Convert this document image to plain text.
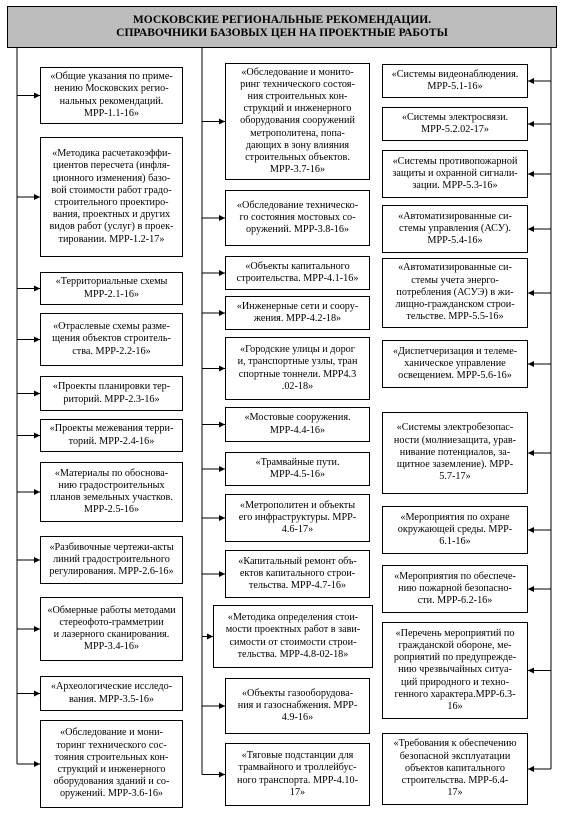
МОСКОВСКИЕ РЕГИОНАЛЬНЫЕ РЕКОМЕНДАЦИИ.
СПРАВОЧНИКИ БАЗОВЫХ ЦЕН НА ПРОЕКТНЫЕ РАБОТЫ
«Общие указания по приме-
нению Московских регио-
нальных рекомендаций.
МРР-1.1-16»
«Методика расчетакоэффи-
циентов пересчета (инфля-
ционного изменения) базо-
вой стоимости работ градо-
строительного проектиро-
вания, проектных и других
видов работ (услуг) в проек-
тировании. МРР-1.2-17»
«Территориальные схемы
МРР-2.1-16»
«Отраслевые схемы разме-
щения объектов строитель-
ства. МРР-2.2-16»
«Проекты планировки тер-
риторий. МРР-2.3-16»
«Проекты межевания терри-
торий. МРР-2.4-16»
«Материалы по обоснова-
нию градостроительных
планов земельных участков.
МРР-2.5-16»
«Разбивочные чертежи-акты
линий градостроительного
регулирования. МРР-2.6-16»
«Обмерные работы методами
стереофото-грамметрии
и лазерного сканирования.
МРР-3.4-16»
«Археологические исследо-
вания. МРР-3.5-16»
«Обследование и мони-
торинг технического сос-
тояния строительных кон-
струкций и инженерного
оборудования зданий и со-
оружений. МРР-3.6-16»
«Обследование и монито-
ринг технического состоя-
ния строительных кон-
струкций и инженерного
оборудования сооружений
метрополитена, попа-
дающих в зону влияния
строительных объектов.
МРР-3.7-16»
«Обследование техническо-
го состояния мостовых со-
оружений. МРР-3.8-16»
«Объекты капитального
строительства. МРР-4.1-16»
«Инженерные сети и соору-
жения. МРР-4.2-18»
«Городские улицы и дорог
и, транспортные узлы, тран
спортные тоннели. МРР4.3
.02-18»
«Мостовые сооружения.
МРР-4.4-16»
«Трамвайные пути.
МРР-4.5-16»
«Метрополитен и объекты
его инфраструктуры. МРР-
4.6-17»
«Капитальный ремонт объ-
ектов капитального строи-
тельства. МРР-4.7-16»
«Методика определения стои-
мости проектных работ в зави-
симости от стоимости строи-
тельства. МРР-4.8-02-18»
«Объекты газооборудова-
ния и газоснабжения. МРР-
4.9-16»
«Тяговые подстанции для
трамвайного и троллейбус-
ного транспорта. МРР-4.10-
17»
«Системы видеонаблюдения.
МРР-5.1-16»
«Системы электросвязи.
МРР-5.2.02-17»
«Системы противопожарной
защиты и охранной сигнали-
зации. МРР-5.3-16»
«Автоматизированные си-
стемы управления (АСУ).
МРР-5.4-16»
«Автоматизированные си-
стемы учета энерго-
потребления (АСУЭ) в жи-
лищно-гражданском строи-
тельстве. МРР-5.5-16»
«Диспетчеризация и телеме-
ханическое управление
освещением. МРР-5.6-16»
«Системы электробезопас-
ности (молниезащита, урав-
нивание потенциалов, за-
щитное заземление). МРР-
5.7-17»
«Мероприятия по охране
окружающей среды. МРР-
6.1-16»
«Мероприятия по обеспече-
нию пожарной безопасно-
сти. МРР-6.2-16»
«Перечень мероприятий по
гражданской обороне, ме-
роприятий по предупрежде-
нию чрезвычайных ситуа-
ций природного и техно-
генного характера.МРР-6.3-
16»
«Требования к обеспечению
безопасной эксплуатации
объектов капитального
строительства. МРР-6.4-
17»
